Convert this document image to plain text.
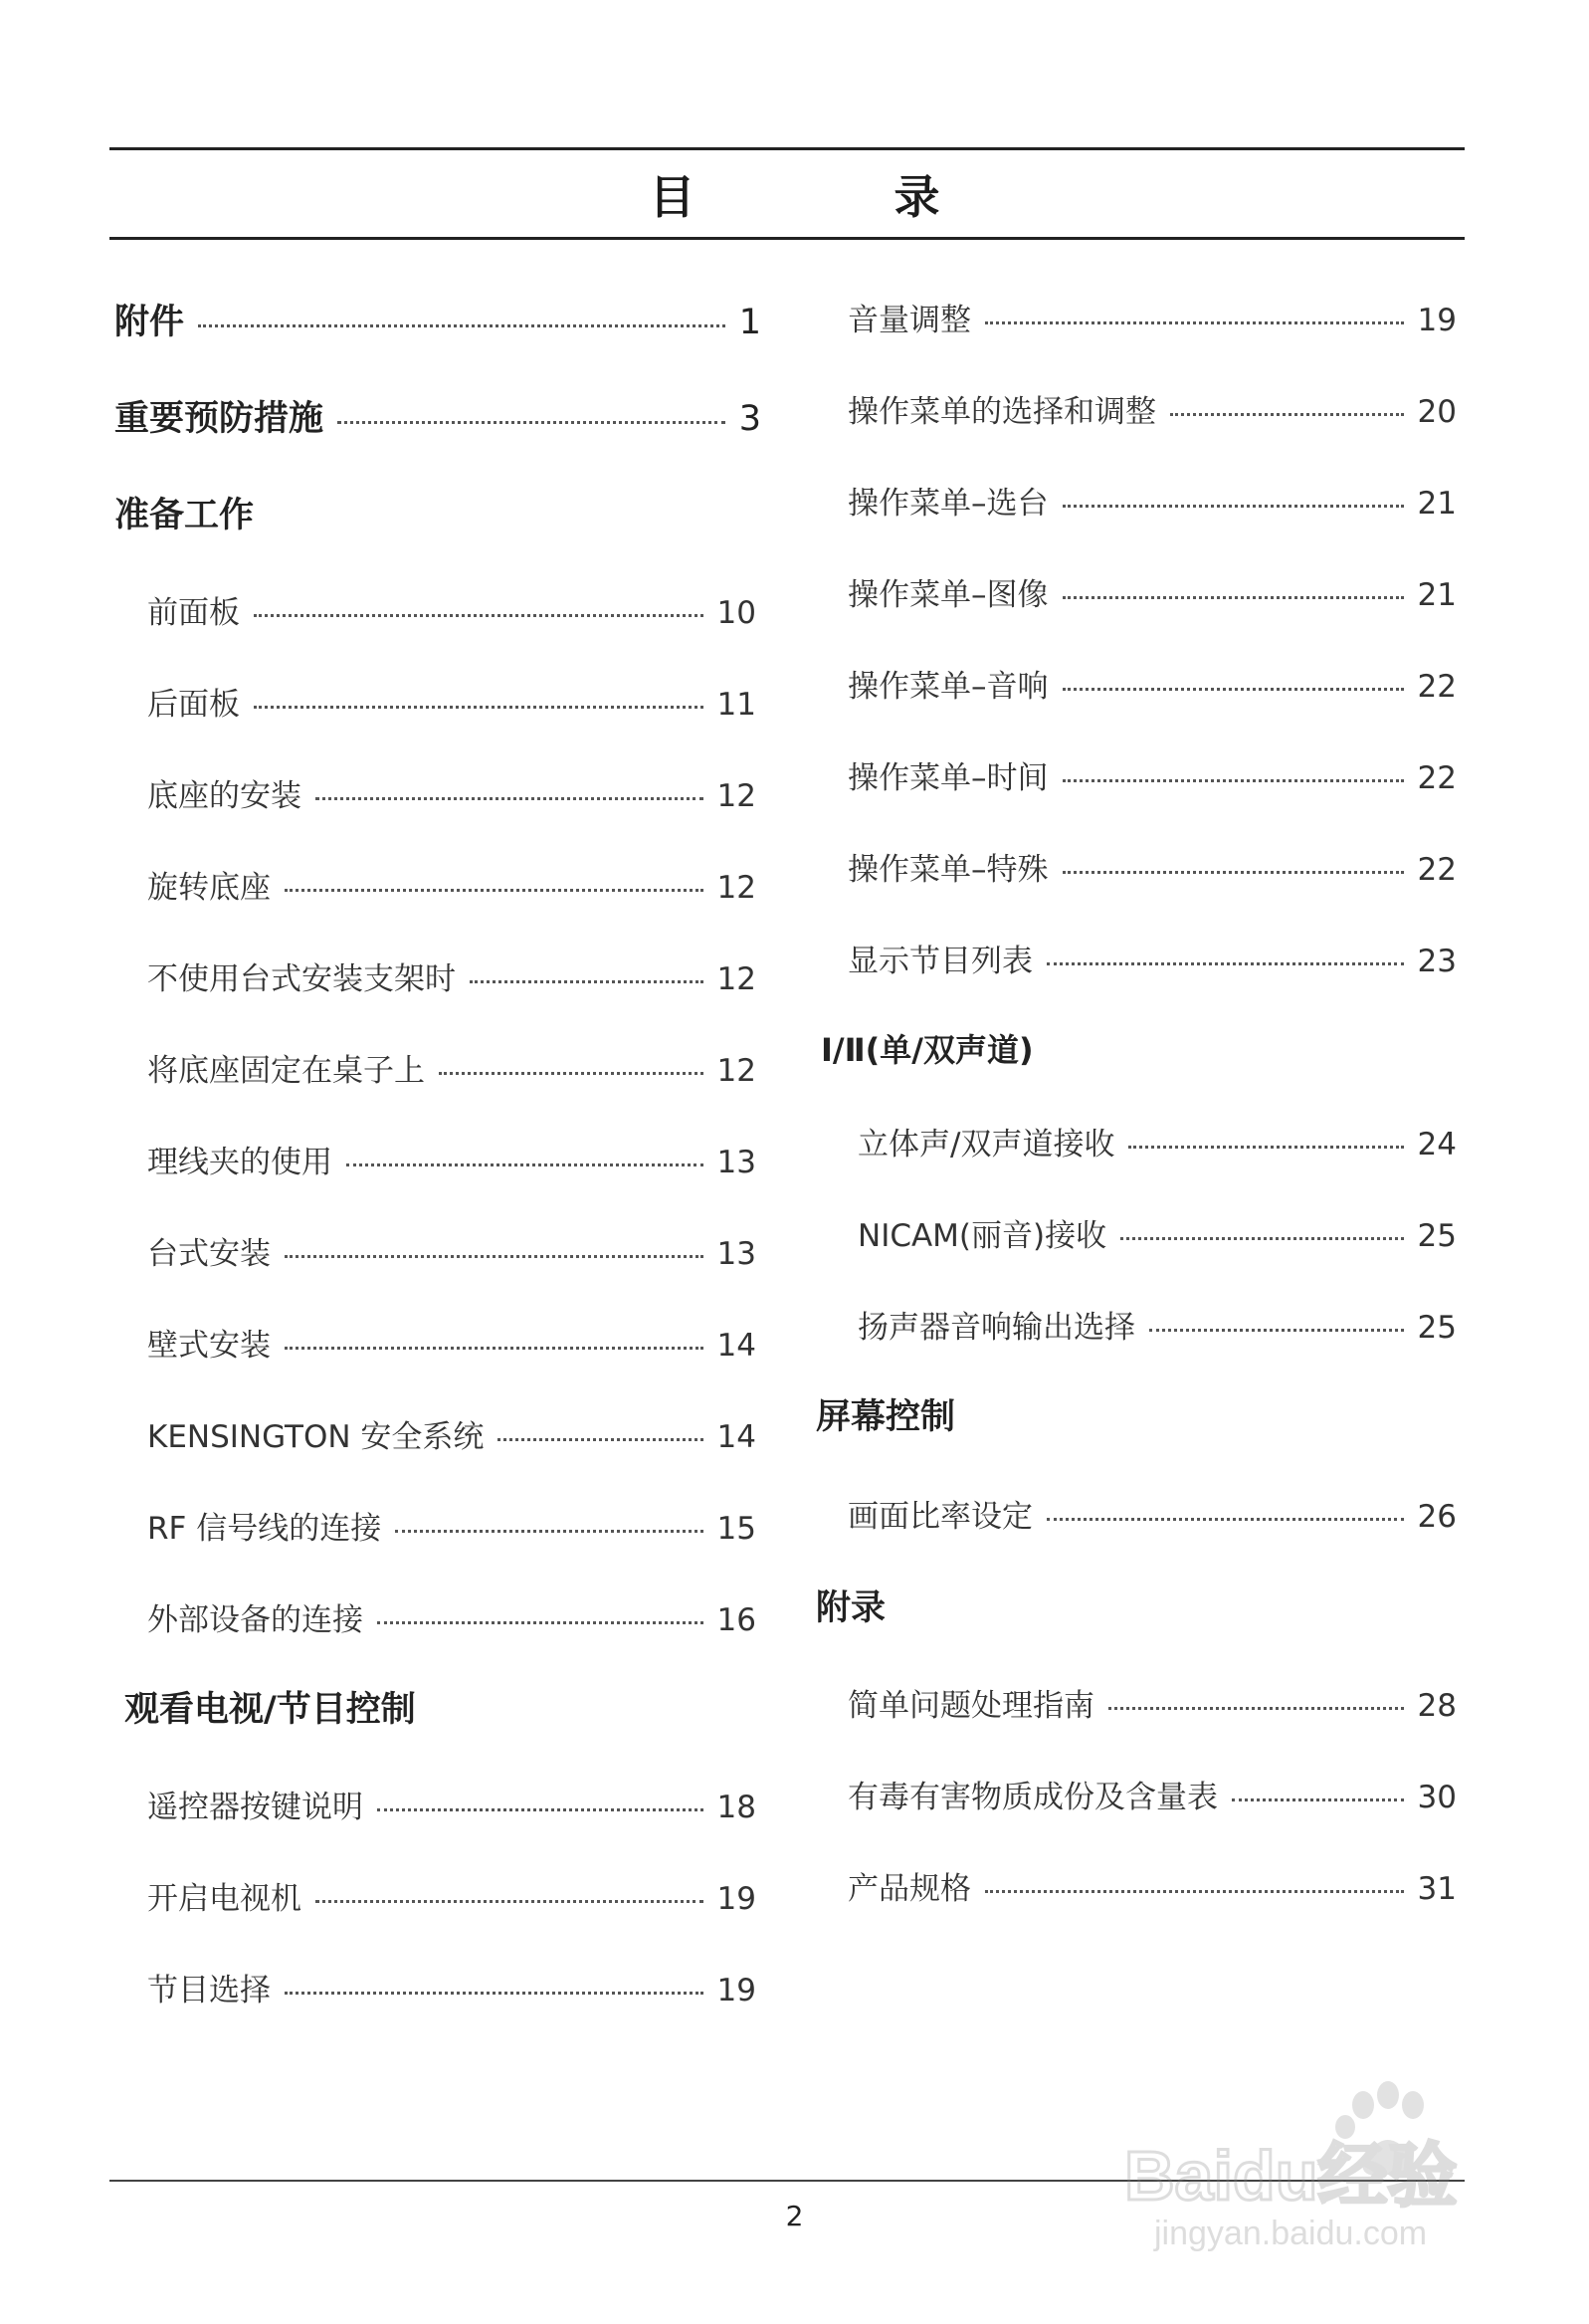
目 录
附件	1
重要预防措施	3
准备工作
前面板	10
后面板	11
底座的安装	12
旋转底座	12
不使用台式安装支架时	12
将底座固定在桌子上	12
理线夹的使用	13
台式安装	13
壁式安装	14
KENSINGTON 安全系统	14
RF 信号线的连接	15
外部设备的连接	16
观看电视/节目控制
遥控器按键说明	18
开启电视机	19
节目选择	19
音量调整	19
操作菜单的选择和调整	20
操作菜单–选台	21
操作菜单–图像	21
操作菜单–音响	22
操作菜单–时间	22
操作菜单–特殊	22
显示节目列表	23
Ⅰ/Ⅱ(单/双声道)
立体声/双声道接收	24
NICAM(丽音)接收	25
扬声器音响输出选择	25
屏幕控制
画面比率设定	26
附录
简单问题处理指南	28
有毒有害物质成份及含量表	30
产品规格	31
2
Baidu经验
jingyan.baidu.com
